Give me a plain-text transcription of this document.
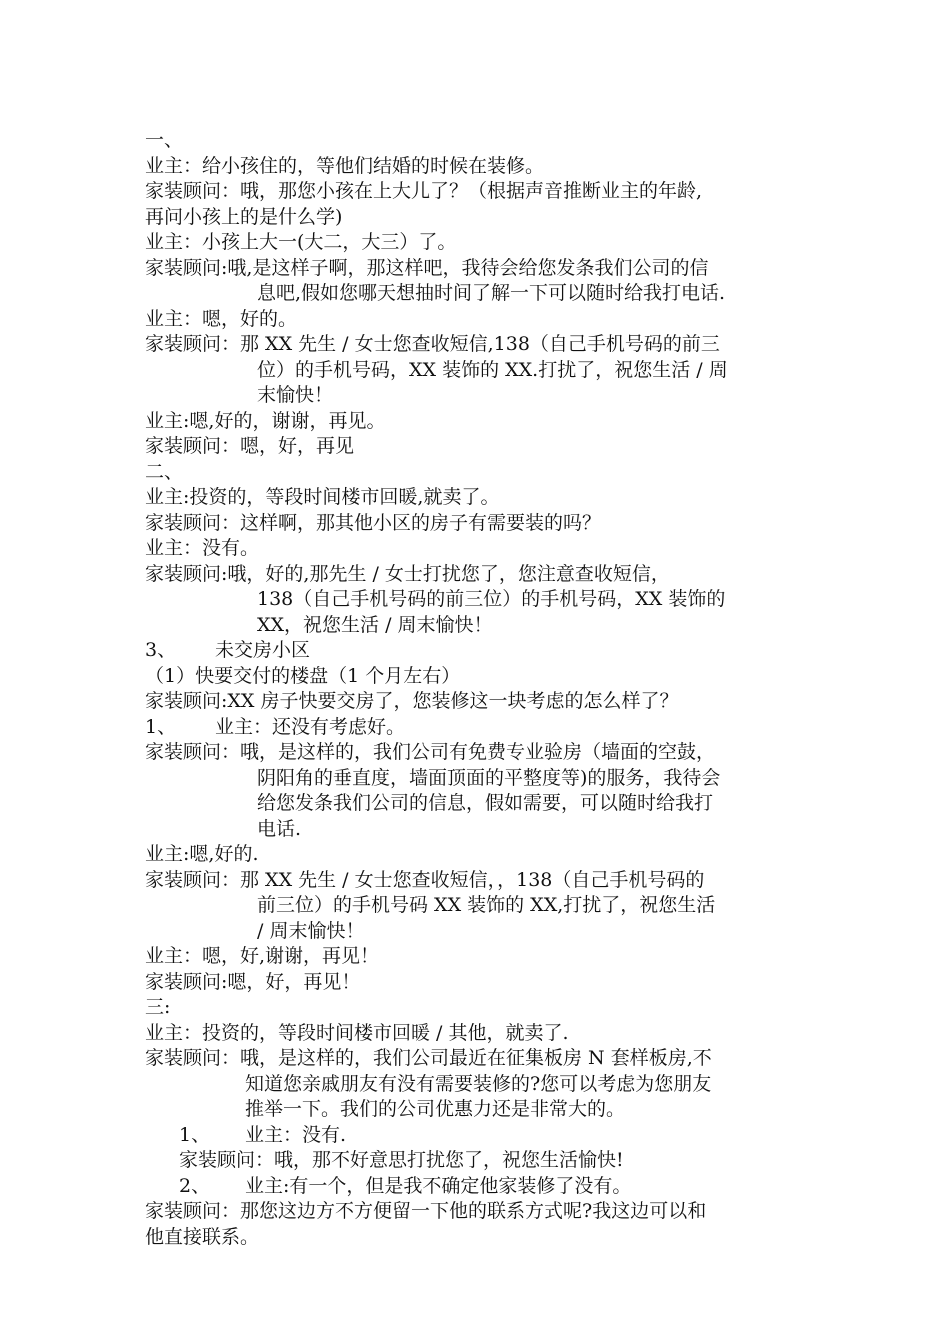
一、
业主：给小孩住的，等他们结婚的时候在装修。
家装顾问：哦，那您小孩在上大儿了？（根据声音推断业主的年龄,
再问小孩上的是什么学)
业主：小孩上大一(大二，大三）了。
家装顾问:哦,是这样子啊，那这样吧，我待会给您发条我们公司的信
息吧,假如您哪天想抽时间了解一下可以随时给我打电话.
业主：嗯，好的。
家装顾问：那 XX 先生 / 女士您查收短信,138（自己手机号码的前三
位）的手机号码，XX 装饰的 XX.打扰了，祝您生活 / 周
末愉快！
业主:嗯,好的，谢谢，再见。
家装顾问：嗯，好，再见
二、
业主:投资的，等段时间楼市回暖,就卖了。
家装顾问：这样啊，那其他小区的房子有需要装的吗？
业主：没有。
家装顾问:哦，好的,那先生 / 女士打扰您了，您注意查收短信，
138（自己手机号码的前三位）的手机号码，XX 装饰的
XX，祝您生活 / 周末愉快！
3、 未交房小区
（1）快要交付的楼盘（1 个月左右）
家装顾问:XX 房子快要交房了，您装修这一块考虑的怎么样了？
1、 业主：还没有考虑好。
家装顾问：哦，是这样的，我们公司有免费专业验房（墙面的空鼓，
阴阳角的垂直度，墙面顶面的平整度等)的服务，我待会
给您发条我们公司的信息，假如需要，可以随时给我打
电话.
业主:嗯,好的.
家装顾问：那 XX 先生 / 女士您查收短信，，138（自己手机号码的
前三位）的手机号码 XX 装饰的 XX,打扰了，祝您生活
/ 周末愉快！
业主：嗯，好,谢谢，再见！
家装顾问:嗯，好，再见！
三:
业主：投资的，等段时间楼市回暖 / 其他，就卖了.
家装顾问：哦，是这样的，我们公司最近在征集板房 N 套样板房,不
知道您亲戚朋友有没有需要装修的?您可以考虑为您朋友
推举一下。我们的公司优惠力还是非常大的。
1、 业主：没有.
家装顾问：哦，那不好意思打扰您了，祝您生活愉快!
2、 业主:有一个，但是我不确定他家装修了没有。
家装顾问：那您这边方不方便留一下他的联系方式呢?我这边可以和
他直接联系。
